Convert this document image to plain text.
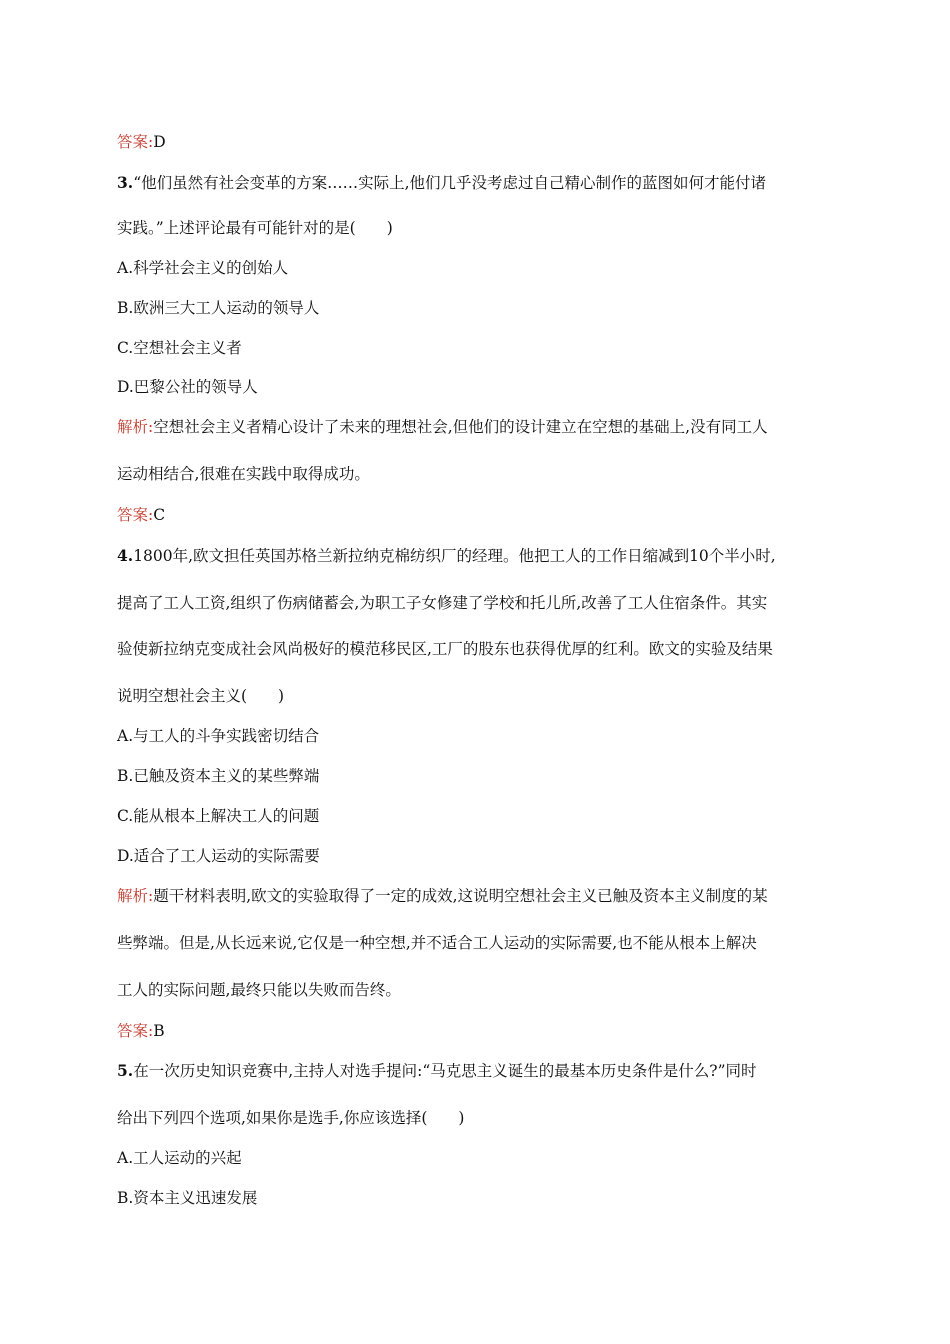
答案:D
3.“他们虽然有社会变革的方案……实际上,他们几乎没考虑过自己精心制作的蓝图如何才能付诸
实践。”上述评论最有可能针对的是(　　)
A.科学社会主义的创始人
B.欧洲三大工人运动的领导人
C.空想社会主义者
D.巴黎公社的领导人
解析:空想社会主义者精心设计了未来的理想社会,但他们的设计建立在空想的基础上,没有同工人
运动相结合,很难在实践中取得成功。
答案:C
4.1800年,欧文担任英国苏格兰新拉纳克棉纺织厂的经理。他把工人的工作日缩减到10个半小时,
提高了工人工资,组织了伤病储蓄会,为职工子女修建了学校和托儿所,改善了工人住宿条件。其实
验使新拉纳克变成社会风尚极好的模范移民区,工厂的股东也获得优厚的红利。欧文的实验及结果
说明空想社会主义(　　)
A.与工人的斗争实践密切结合
B.已触及资本主义的某些弊端
C.能从根本上解决工人的问题
D.适合了工人运动的实际需要
解析:题干材料表明,欧文的实验取得了一定的成效,这说明空想社会主义已触及资本主义制度的某
些弊端。但是,从长远来说,它仅是一种空想,并不适合工人运动的实际需要,也不能从根本上解决
工人的实际问题,最终只能以失败而告终。
答案:B
5.在一次历史知识竞赛中,主持人对选手提问:“马克思主义诞生的最基本历史条件是什么?”同时
给出下列四个选项,如果你是选手,你应该选择(　　)
A.工人运动的兴起
B.资本主义迅速发展
